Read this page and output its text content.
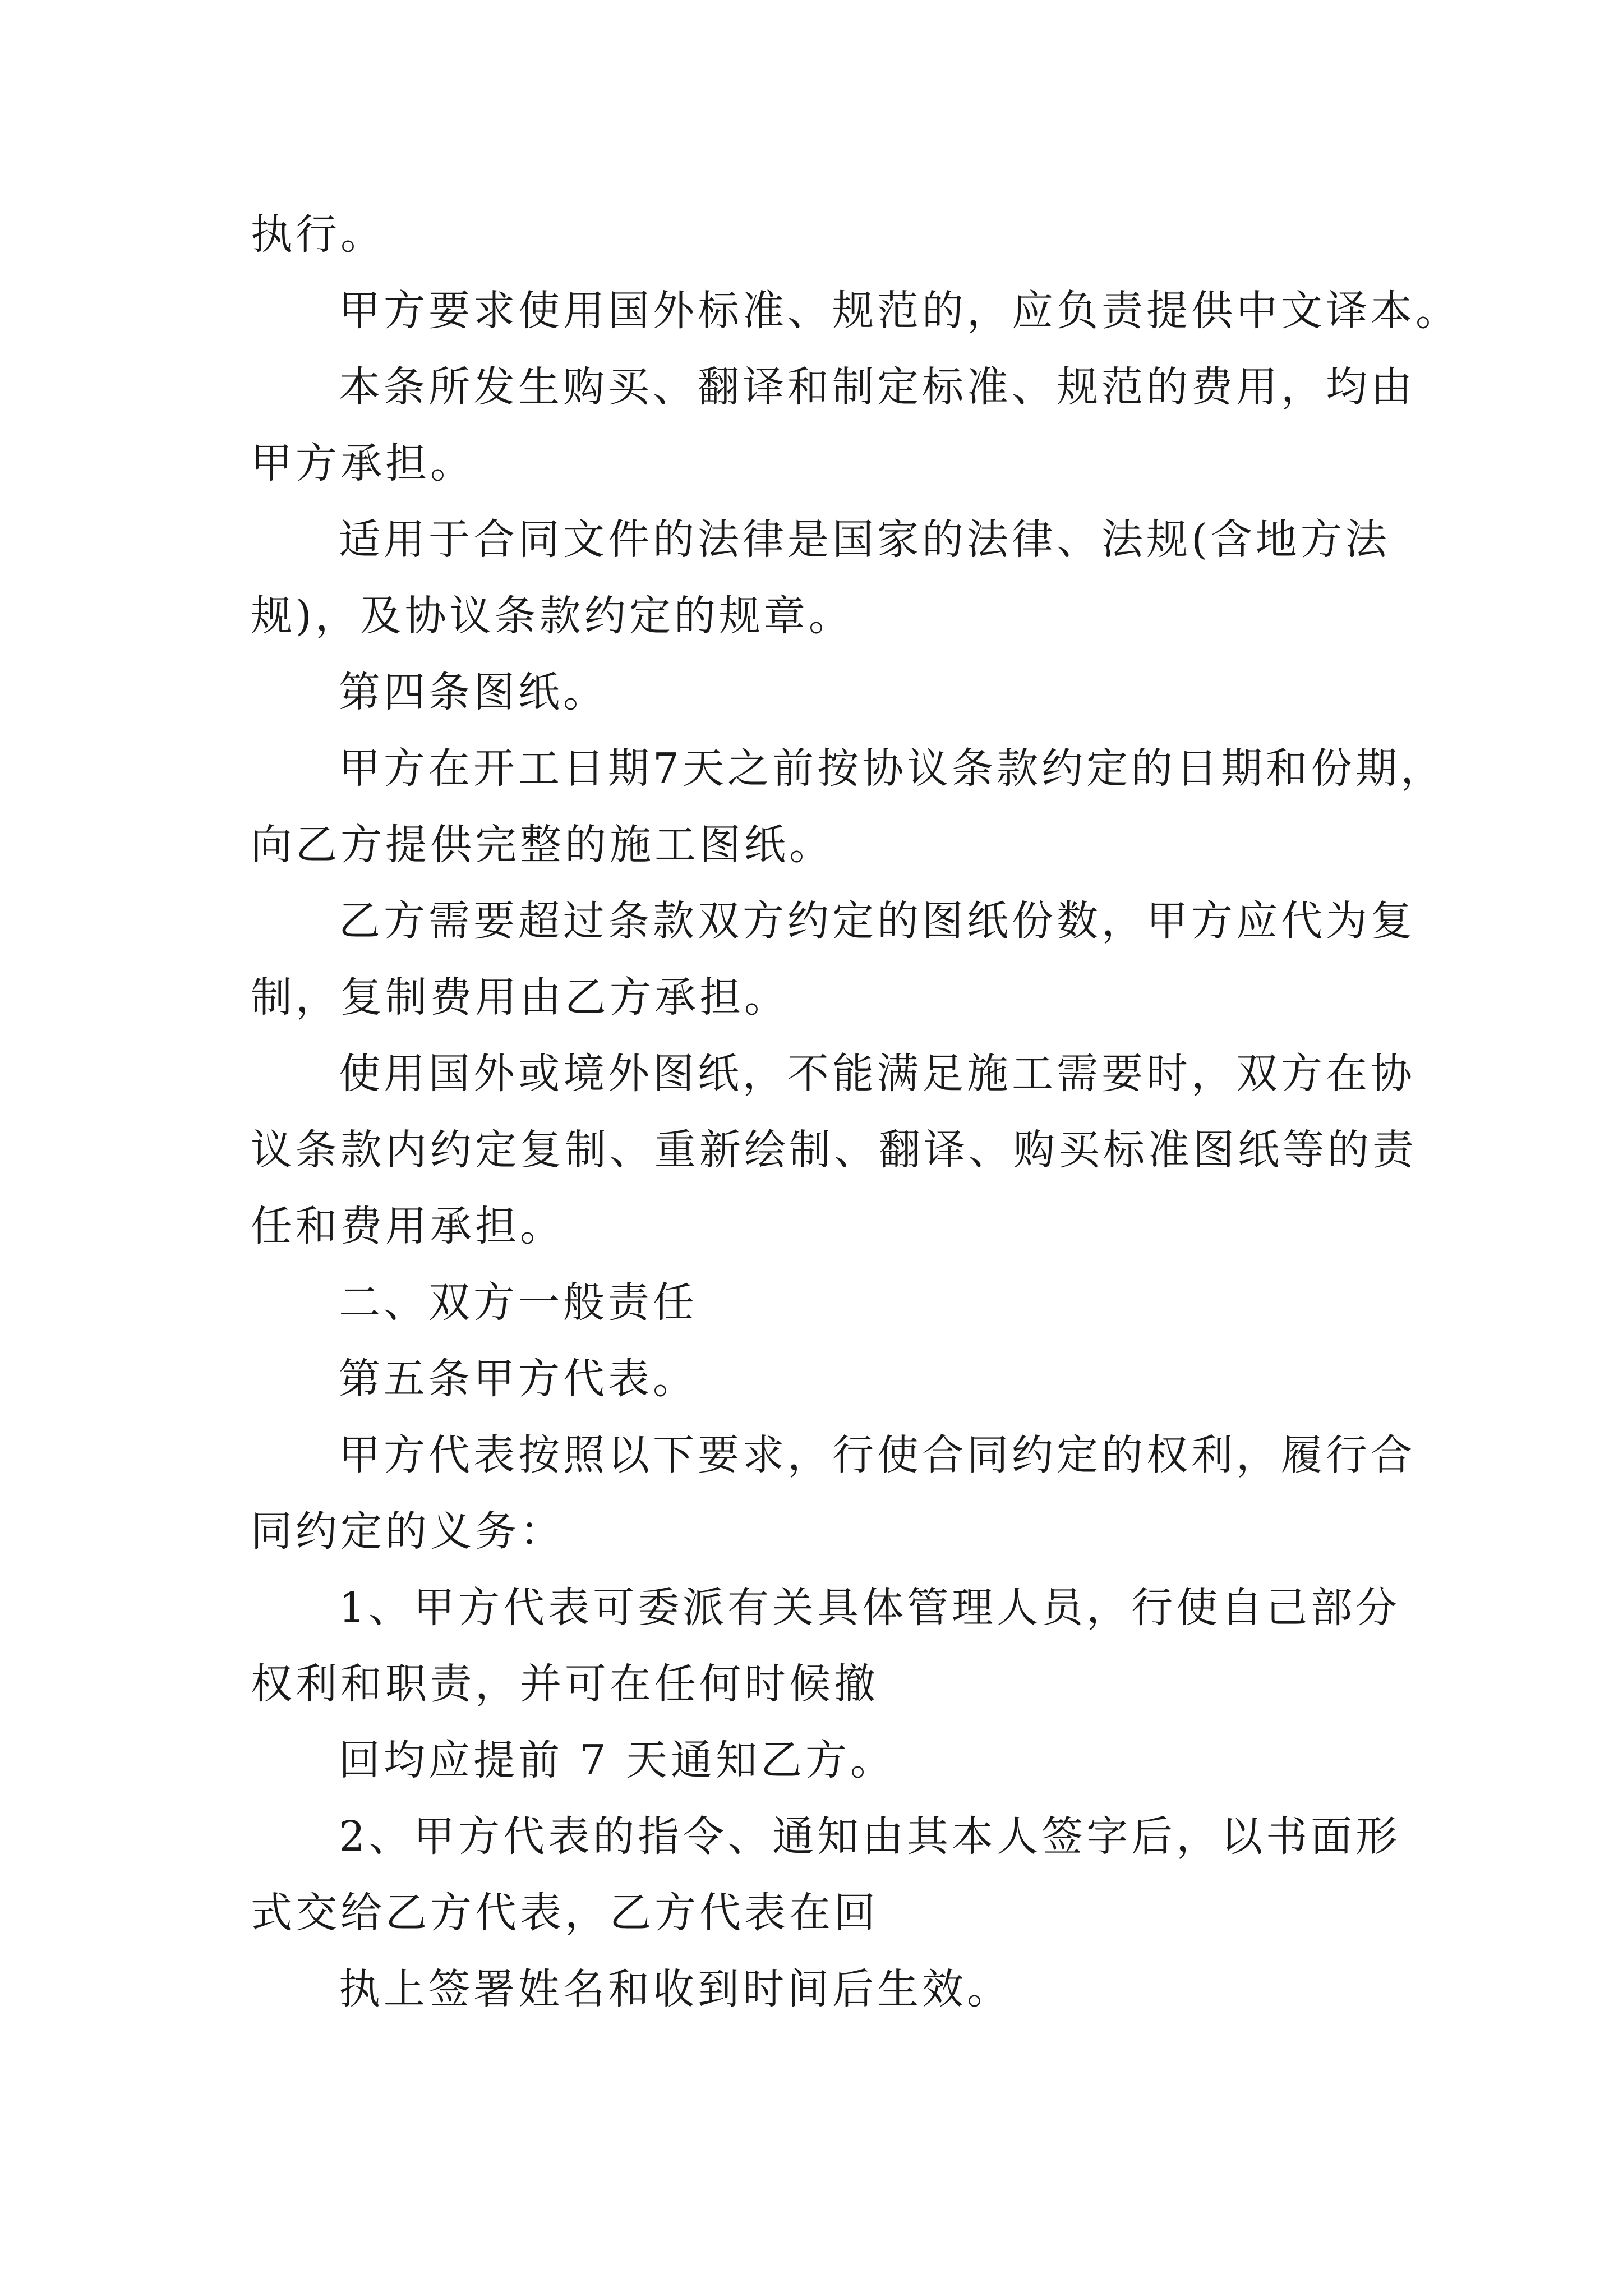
执行。
甲方要求使用国外标准、规范的，应负责提供中文译本。
本条所发生购买、翻译和制定标准、规范的费用，均由
甲方承担。
适用于合同文件的法律是国家的法律、法规(含地方法
规)，及协议条款约定的规章。
第四条图纸。
甲方在开工日期7天之前按协议条款约定的日期和份期，
向乙方提供完整的施工图纸。
乙方需要超过条款双方约定的图纸份数，甲方应代为复
制，复制费用由乙方承担。
使用国外或境外图纸，不能满足施工需要时，双方在协
议条款内约定复制、重新绘制、翻译、购买标准图纸等的责
任和费用承担。
二、双方一般责任
第五条甲方代表。
甲方代表按照以下要求，行使合同约定的权利，履行合
同约定的义务：
1、甲方代表可委派有关具体管理人员，行使自己部分
权利和职责，并可在任何时候撤
回均应提前 7 天通知乙方。
2、甲方代表的指令、通知由其本人签字后，以书面形
式交给乙方代表，乙方代表在回
执上签署姓名和收到时间后生效。
